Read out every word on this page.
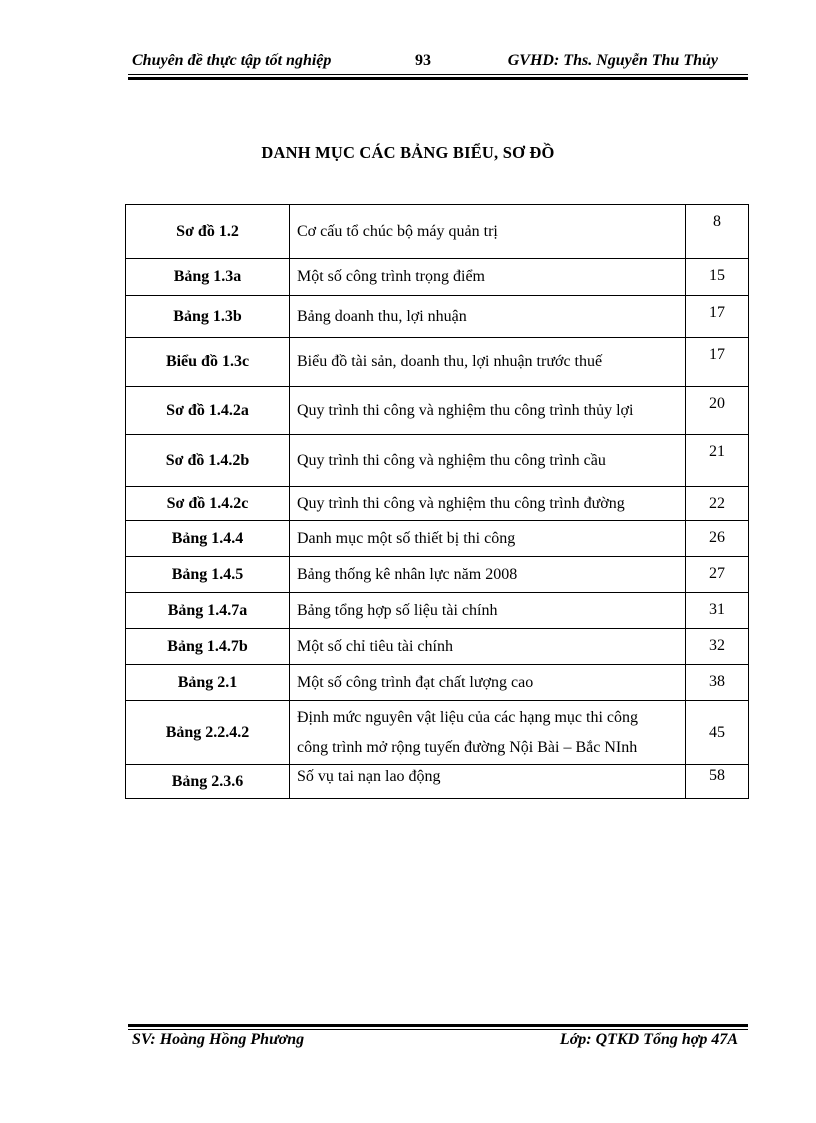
Chuyên đề thực tập tốt nghiệp	93	GVHD: Ths. Nguyễn Thu Thủy
DANH MỤC CÁC BẢNG BIỂU, SƠ ĐỒ
Sơ đồ 1.2	Cơ cấu tổ chúc bộ máy quản trị	8
Bảng 1.3a	Một số công trình trọng điểm	15
Bảng 1.3b	Bảng doanh thu, lợi nhuận	17
Biểu đồ 1.3c	Biểu đồ tài sản, doanh thu, lợi nhuận trước thuế	17
Sơ đồ 1.4.2a	Quy trình thi công và nghiệm thu công trình thủy lợi	20
Sơ đồ 1.4.2b	Quy trình thi công và nghiệm thu công trình cầu	21
Sơ đồ 1.4.2c	Quy trình thi công và nghiệm thu công trình đường	22
Bảng 1.4.4	Danh mục một số thiết bị thi công	26
Bảng 1.4.5	Bảng thống kê nhân lực năm 2008	27
Bảng 1.4.7a	Bảng tổng hợp số liệu tài chính	31
Bảng 1.4.7b	Một số chỉ tiêu tài chính	32
Bảng 2.1	Một số công trình đạt chất lượng cao	38
Bảng 2.2.4.2	Định mức nguyên vật liệu của các hạng mục thi công
công trình mở rộng tuyến đường Nội Bài – Bắc NInh	45
Bảng 2.3.6	Số vụ tai nạn lao động	58
SV: Hoàng Hồng Phương	Lớp: QTKD Tổng hợp 47A
